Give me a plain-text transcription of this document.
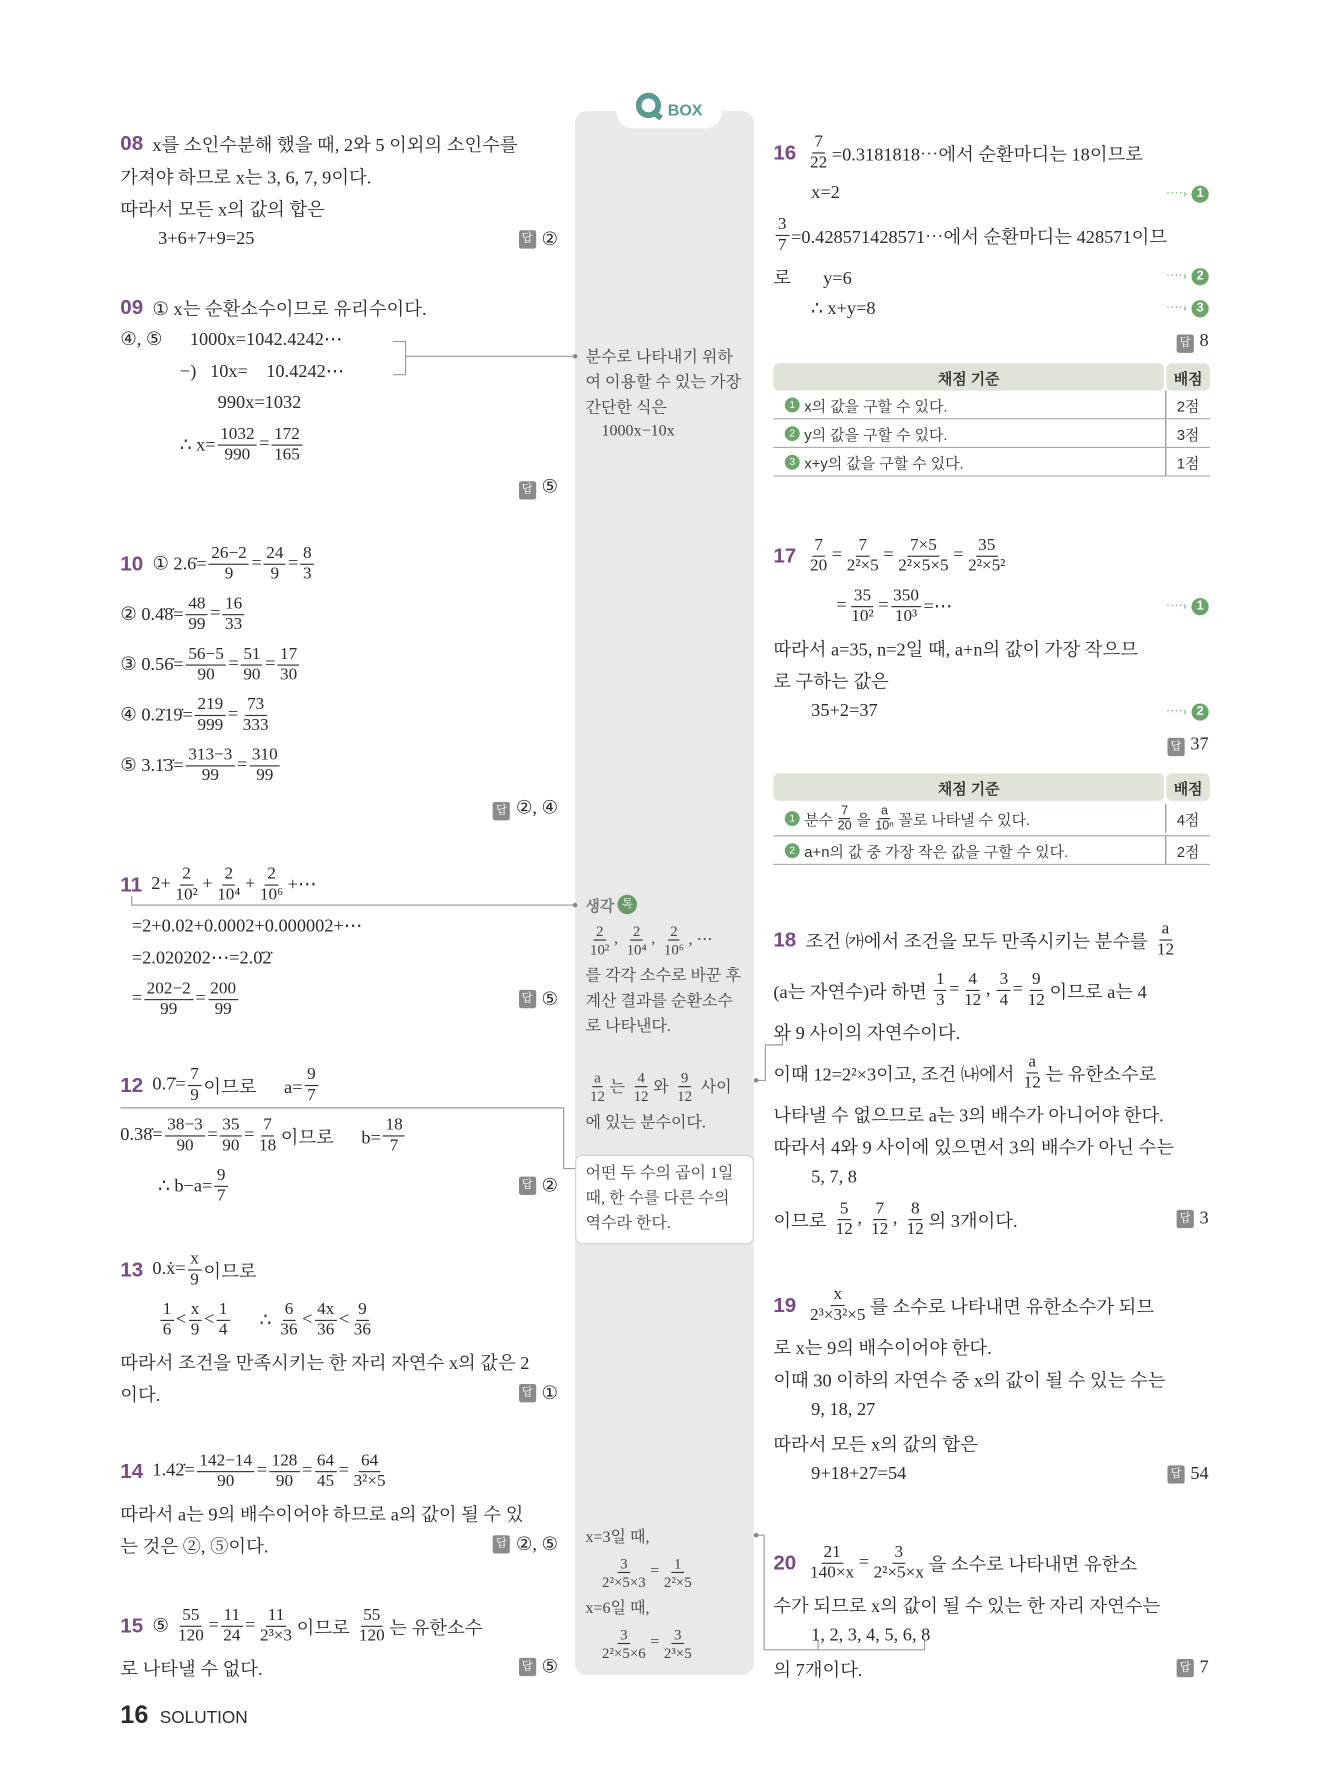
BOX
08 x를 소인수분해 했을 때, 2와 5 이외의 소인수를
가져야 하므로 x는 3, 6, 7, 9이다.
따라서 모든 x의 값의 합은
3+6+7+9=25	답 ②
09 ① x는 순환소수이므로 유리수이다.
④, ⑤      1000x=1042.4242⋯
−)   10x=    10.4242⋯
990x=1032
∴ $x= \frac{1032}{990} = \frac{172}{165}$
답 ⑤
10 ① 2.6̇= $\frac{26-2}{9} = \frac{24}{9} = \frac{8}{3}$
② 0.4̇8̇= $\frac{48}{99} = \frac{16}{33}$
③ 0.56̇= $\frac{56-5}{90} = \frac{51}{90} = \frac{17}{30}$
④ 0.2̇19̇= $\frac{219}{999} = \frac{73}{333}$
⑤ 3.1̇3̇= $\frac{313-3}{99} = \frac{310}{99}$
답 ②, ④
11 $2+ \frac{2}{\text{10²}} + \frac{2}{\text{10⁴}} + \frac{2}{\text{10⁶}}$ +⋯
=2+0.02+0.0002+0.000002+⋯
=2.020202⋯=2.0̇2̇
= $\frac{202-2}{99} = \frac{200}{99}$	답 ⑤
12 0.7̇= $\frac{7}{9}$ 이므로      $a= \frac{9}{7}$
0.38̇= $\frac{38-3}{90} = \frac{35}{90} = \frac{7}{18}$ 이므로      $b= \frac{18}{7}$
∴ $b-a= \frac{9}{7}$	답 ②
13 0.ẋ= $\frac{x}{9}$ 이므로
$\frac{1}{6} < \frac{x}{9} < \frac{1}{4}$ ∴ $\frac{6}{36} < \frac{4x}{36} < \frac{9}{36}$
따라서 조건을 만족시키는 한 자리 자연수 x의 값은 2
이다.	답 ①
14 1.42̇= $\frac{142-14}{90} = \frac{128}{90} = \frac{64}{45} = \frac{64}{\text{3²×5}}$
따라서 a는 9의 배수이어야 하므로 a의 값이 될 수 있
는 것은 ②, ⑤이다.	답 ②, ⑤
15 ⑤ $\frac{55}{120} = \frac{11}{24} = \frac{11}{\text{2³×3}}$ 이므로 $\frac{55}{120}$ 는 유한소수
로 나타낼 수 없다.	답 ⑤
$16 \frac{7}{22}$ =0.3181818⋯에서 순환마디는 18이므로
x=2	····› 1
$\frac{3}{7}$ =0.428571428571⋯에서 순환마디는 428571이므
로       y=6	····› 2
∴ x+y=8	····› 3
답 8
채점 기준	배점
1 x의 값을 구할 수 있다.	2점
2 y의 값을 구할 수 있다.	3점
3 x+y의 값을 구할 수 있다.	1점
$17 \frac{7}{20} = \frac{7}{\text{2²×5}} = \frac{7\times 5}{\text{2²×5×5}} = \frac{35}{\text{2²×5²}}$
= $\frac{35}{\text{10²}} = \frac{350}{\text{10³}}$ =⋯	····› 1
따라서 a=35, n=2일 때, a+n의 값이 가장 작으므
로 구하는 값은
35+2=37	····› 2
답 37
채점 기준	배점
1 분수 $\frac{7}{20}$ 을 $\frac{a}{\text{10ⁿ}}$ 꼴로 나타낼 수 있다.	4점
2 a+n의 값 중 가장 작은 값을 구할 수 있다.	2점
18 조건 ㈎에서 조건을 모두 만족시키는 분수를 $\frac{a}{12}$
(a는 자연수)라 하면 $\frac{1}{3} = \frac{4}{12}$ , $\frac{3}{4} = \frac{9}{12}$ 이므로 a는 4
와 9 사이의 자연수이다.
이때 12=2²×3이고, 조건 ㈏에서 $\frac{a}{12}$ 는 유한소수로
나타낼 수 없으므로 a는 3의 배수가 아니어야 한다.
따라서 4와 9 사이에 있으면서 3의 배수가 아닌 수는
5, 7, 8
이므로 $\frac{5}{12}$ , $\frac{7}{12}$ , $\frac{8}{12}$ 의 3개이다.	답 3
$19 \frac{x}{\text{2³×3²×5}}$ 를 소수로 나타내면 유한소수가 되므
로 x는 9의 배수이어야 한다.
이때 30 이하의 자연수 중 x의 값이 될 수 있는 수는
9, 18, 27
따라서 모든 x의 값의 합은
9+18+27=54	답 54
$20 \frac{21}{140\times x} = \frac{3}{\text{2²×5×x}}$ 을 소수로 나타내면 유한소
수가 되므로 x의 값이 될 수 있는 한 자리 자연수는
1, 2, 3, 4, 5, 6, 8
의 7개이다.	답 7
분수로 나타내기 위하
여 이용할 수 있는 가장
간단한 식은
1000x−10x
생각 톡
$\frac{2}{\text{10²}}$ , $\frac{2}{\text{10⁴}}$ , $\frac{2}{\text{10⁶}}$ , ⋯
를 각각 소수로 바꾼 후
계산 결과를 순환소수
로 나타낸다.
$\frac{a}{12}$ 는 $\frac{4}{12}$ 와 $\frac{9}{12}$ 사이
에 있는 분수이다.
어떤 두 수의 곱이 1일
때, 한 수를 다른 수의
역수라 한다.
x=3일 때,

$\frac{3}{\text{2²×5×3}} = \frac{1}{\text{2²×5}}$
x=6일 때,

$\frac{3}{\text{2²×5×6}} = \frac{3}{\text{2³×5}}$
16 SOLUTION
